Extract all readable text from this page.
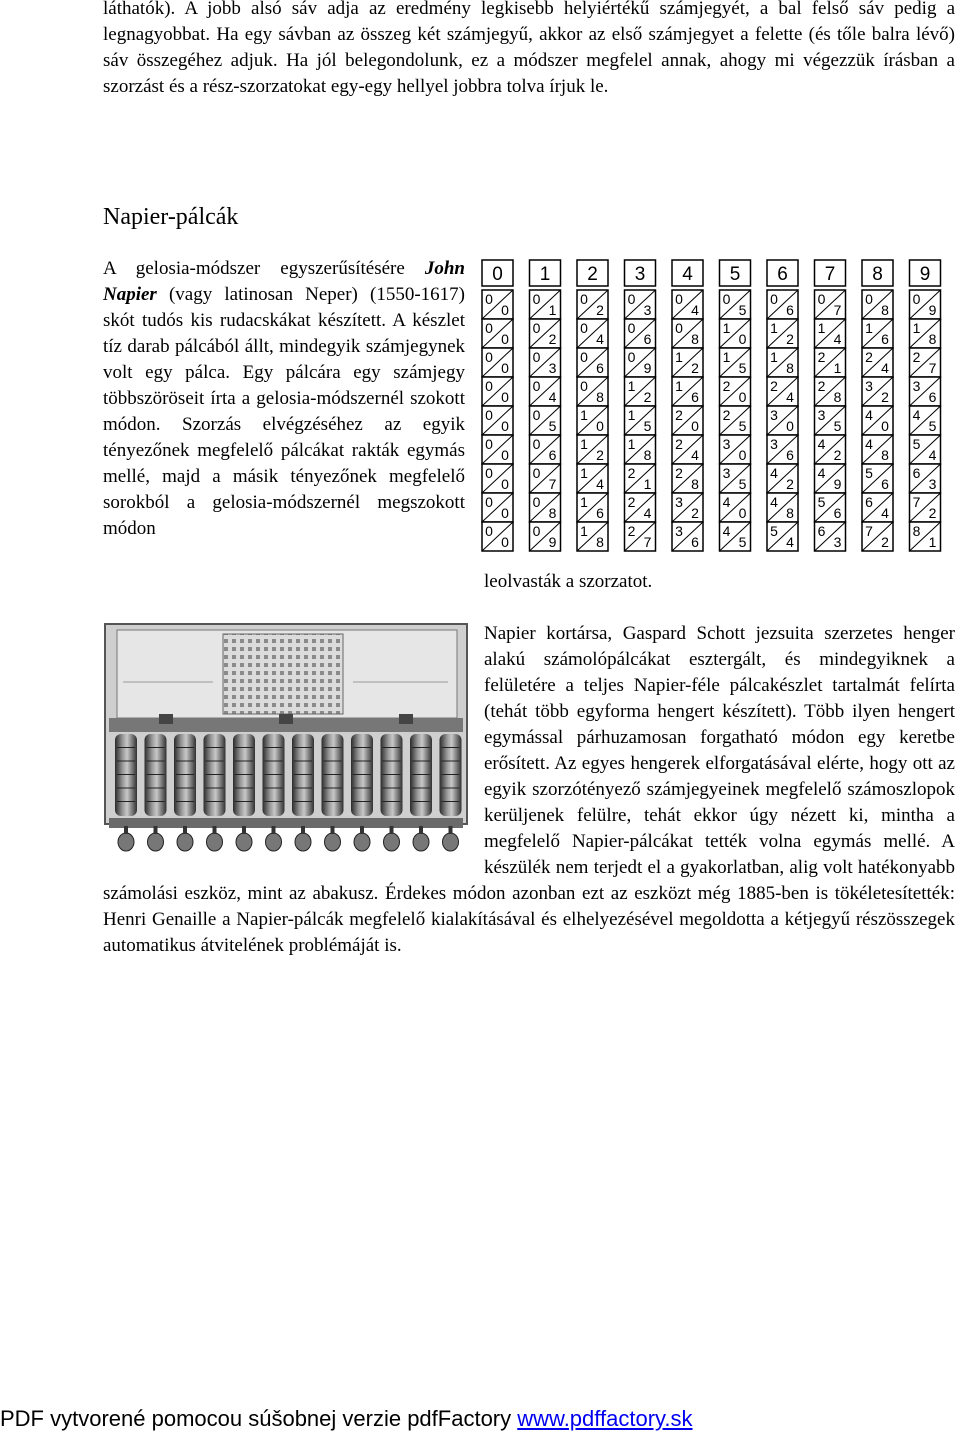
láthatók). A jobb alsó sáv adja az eredmény legkisebb helyiértékű számjegyét, a bal felső sáv pedig a legnagyobbat. Ha egy sávban az összeg két számjegyű, akkor az első számjegyet a felette (és tőle balra lévő) sáv összegéhez adjuk. Ha jól belegondolunk, ez a módszer megfelel annak, ahogy mi végezzük írásban a szorzást és a rész-szorzatokat egy-egy hellyel jobbra tolva írjuk le.

Napier-pálcák

A gelosia-módszer egyszerűsítésére John Napier (vagy latinosan Neper) (1550-1617) skót tudós kis rudacskákat készített. A készlet tíz darab pálcából állt, mindegyik számjegynek volt egy pálca. Egy pálcára egy számjegy többszöröseit írta a gelosia-módszernél szokott módon. Szorzás elvégzéséhez az egyik tényezőnek megfelelő pálcákat rakták egymás mellé, majd a másik tényezőnek megfelelő sorokból a gelosia-módszernél megszokott módon

0
0
0
0
0
0
0
0
0
0
0
0
0
0
0
0
0
0
0
1
0
1
0
2
0
3
0
4
0
5
0
6
0
7
0
8
0
9
2
0
2
0
4
0
6
0
8
1
0
1
2
1
4
1
6
1
8
3
0
3
0
6
0
9
1
2
1
5
1
8
2
1
2
4
2
7
4
0
4
0
8
1
2
1
6
2
0
2
4
2
8
3
2
3
6
5
0
5
1
0
1
5
2
0
2
5
3
0
3
5
4
0
4
5
6
0
6
1
2
1
8
2
4
3
0
3
6
4
2
4
8
5
4
7
0
7
1
4
2
1
2
8
3
5
4
2
4
9
5
6
6
3
8
0
8
1
6
2
4
3
2
4
0
4
8
5
6
6
4
7
2
9
0
9
1
8
2
7
3
6
4
5
5
4
6
3
7
2
8
1

leolvasták a szorzatot.

Napier kortársa, Gaspard Schott jezsuita szerzetes henger alakú számolópálcákat esztergált, és mindegyiknek a felületére a teljes Napier-féle pálcakészlet tartalmát felírta (tehát több egyforma hengert készített). Több ilyen hengert egymással párhuzamosan forgatható módon egy keretbe erősített. Az egyes hengerek elforgatásával elérte, hogy ott az egyik szorzótényező számjegyeinek megfelelő számoszlopok kerüljenek felülre, tehát ekkor úgy nézett ki, mintha a megfelelő Napier-pálcákat tették volna egymás mellé. A készülék nem terjedt el a gyakorlatban, alig volt hatékonyabb számolási eszköz, mint az abakusz. Érdekes módon azonban ezt az eszközt még 1885-ben is tökéletesítették: Henri Genaille a Napier-pálcák megfelelő kialakításával és elhelyezésével megoldotta a kétjegyű részösszegek automatikus átvitelének problémáját is.

PDF vytvorené pomocou súšobnej verzie pdfFactory www.pdffactory.sk
